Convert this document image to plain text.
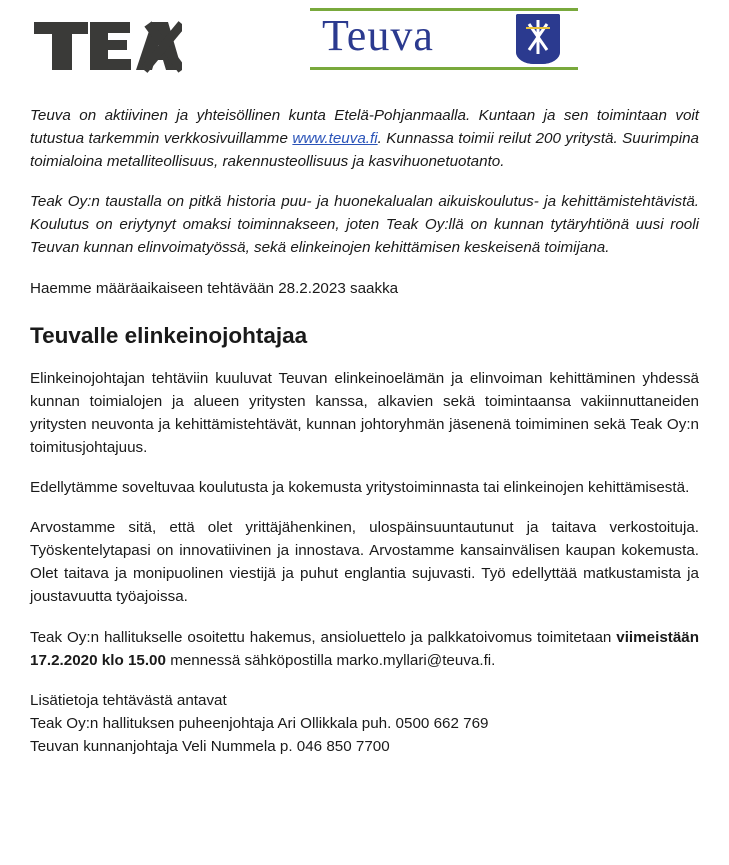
Teuva

Teuva on aktiivinen ja yhteisöllinen kunta Etelä-Pohjanmaalla. Kuntaan ja sen toimintaan voit tutustua tarkemmin verkkosivuillamme www.teuva.fi. Kunnassa toimii reilut 200 yritystä. Suurimpina toimialoina metalliteollisuus, rakennusteollisuus ja kasvihuonetuotanto.

Teak Oy:n taustalla on pitkä historia puu- ja huonekalualan aikuiskoulutus- ja kehittämistehtävistä. Koulutus on eriytynyt omaksi toiminnakseen, joten Teak Oy:llä on kunnan tytäryhtiönä uusi rooli Teuvan kunnan elinvoimatyössä, sekä elinkeinojen kehittämisen keskeisenä toimijana.

Haemme määräaikaiseen tehtävään 28.2.2023 saakka

Teuvalle elinkeinojohtajaa

Elinkeinojohtajan tehtäviin kuuluvat Teuvan elinkeinoelämän ja elinvoiman kehittäminen yhdessä kunnan toimialojen ja alueen yritysten kanssa, alkavien sekä toimintaansa vakiinnuttaneiden yritysten neuvonta ja kehittämistehtävät, kunnan johtoryhmän jäsenenä toimiminen sekä Teak Oy:n toimitusjohtajuus.

Edellytämme soveltuvaa koulutusta ja kokemusta yritystoiminnasta tai elinkeinojen kehittämisestä.

Arvostamme sitä, että olet yrittäjähenkinen, ulospäinsuuntautunut ja taitava verkostoituja. Työskentelytapasi on innovatiivinen ja innostava. Arvostamme kansainvälisen kaupan kokemusta. Olet taitava ja monipuolinen viestijä ja puhut englantia sujuvasti. Työ edellyttää matkustamista ja joustavuutta työajoissa.

Teak Oy:n hallitukselle osoitettu hakemus, ansioluettelo ja palkkatoivomus toimitetaan viimeistään 17.2.2020 klo 15.00 mennessä sähköpostilla marko.myllari@teuva.fi.

Lisätietoja tehtävästä antavat
Teak Oy:n hallituksen puheenjohtaja Ari Ollikkala puh. 0500 662 769
Teuvan kunnanjohtaja Veli Nummela p. 046 850 7700
